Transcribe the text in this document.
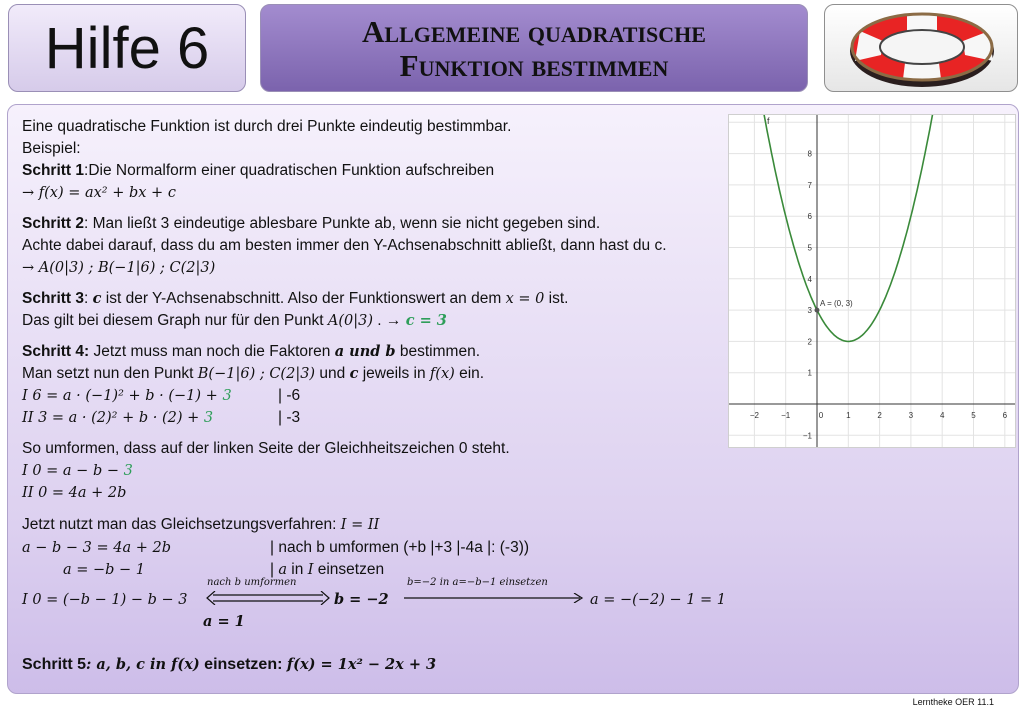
Hilfe 6	Allgemeine quadratische
Funktion bestimmen
Eine quadratische Funktion ist durch drei Punkte eindeutig bestimmbar.
Beispiel:
Schritt 1:Die Normalform einer quadratischen Funktion aufschreiben
→ f(x) = ax² + bx + c
Schritt 2: Man ließt 3 eindeutige ablesbare Punkte ab, wenn sie nicht gegeben sind.
Achte dabei darauf, dass du am besten immer den Y-Achsenabschnitt abließt, dann hast du c.
→ A(0|3) ; B(−1|6) ; C(2|3)
Schritt 3: c ist der Y-Achsenabschnitt. Also der Funktionswert an dem x = 0 ist.
Das gilt bei diesem Graph nur für den Punkt A(0|3) . → c = 3
Schritt 4: Jetzt muss man noch die Faktoren a und b bestimmen.
Man setzt nun den Punkt B(−1|6) ; C(2|3) und c jeweils in f(x) ein.
I 6 = a · (−1)² + b · (−1) + 3	| -6
II 3 = a · (2)² + b · (2) + 3	| -3
So umformen, dass auf der linken Seite der Gleichheitszeichen 0 steht.
I 0 = a − b − 3
II 0 = 4a + 2b
Jetzt nutzt man das Gleichsetzungsverfahren: I = II
a − b − 3 = 4a + 2b	| nach b umformen (+b |+3 |-4a |: (-3))
a = −b − 1	| a in I einsetzen
I 0 = (−b − 1) − b − 3
nach b umformen
b = −2
b=−2 in a=−b−1 einsetzen
a = −(−2) − 1 = 1
a = 1
Schritt 5: a, b, c in f(x) einsetzen: f(x) = 1x² − 2x + 3
−2	−1	0	1	2	3	4	5	6
8
7
6
5
4
3
2
1
−1
f
A = (0, 3)
Lerntheke OER 11.1
